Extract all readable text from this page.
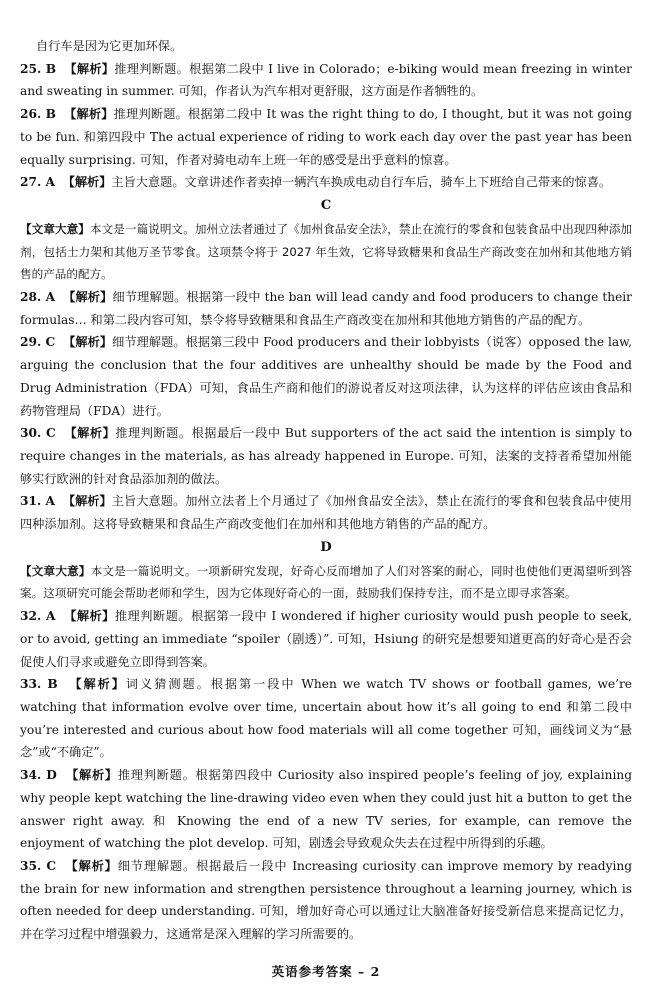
自行车是因为它更加环保。

25. B 【解析】推理判断题。根据第二段中 I live in Colorado；e-biking would mean freezing in winter and sweating in summer. 可知，作者认为汽车相对更舒服，这方面是作者牺牲的。

26. B 【解析】推理判断题。根据第二段中 It was the right thing to do, I thought, but it was not going to be fun. 和第四段中 The actual experience of riding to work each day over the past year has been equally surprising. 可知，作者对骑电动车上班一年的感受是出乎意料的惊喜。

27. A 【解析】主旨大意题。文章讲述作者卖掉一辆汽车换成电动自行车后，骑车上下班给自己带来的惊喜。

C

【文章大意】本文是一篇说明文。加州立法者通过了《加州食品安全法》，禁止在流行的零食和包装食品中出现四种添加剂，包括士力架和其他万圣节零食。这项禁令将于 2027 年生效，它将导致糖果和食品生产商改变在加州和其他地方销售的产品的配方。

28. A 【解析】细节理解题。根据第一段中 the ban will lead candy and food producers to change their formulas… 和第二段内容可知，禁令将导致糖果和食品生产商改变在加州和其他地方销售的产品的配方。

29. C 【解析】细节理解题。根据第三段中 Food producers and their lobbyists（说客）opposed the law, arguing the conclusion that the four additives are unhealthy should be made by the Food and Drug Administration（FDA）可知，食品生产商和他们的游说者反对这项法律，认为这样的评估应该由食品和药物管理局（FDA）进行。

30. C 【解析】推理判断题。根据最后一段中 But supporters of the act said the intention is simply to require changes in the materials, as has already happened in Europe. 可知，法案的支持者希望加州能够实行欧洲的针对食品添加剂的做法。

31. A 【解析】主旨大意题。加州立法者上个月通过了《加州食品安全法》，禁止在流行的零食和包装食品中使用四种添加剂。这将导致糖果和食品生产商改变他们在加州和其他地方销售的产品的配方。

D

【文章大意】本文是一篇说明文。一项新研究发现，好奇心反而增加了人们对答案的耐心，同时也使他们更渴望听到答案。这项研究可能会帮助老师和学生，因为它体现好奇心的一面，鼓励我们保持专注，而不是立即寻求答案。

32. A 【解析】推理判断题。根据第一段中 I wondered if higher curiosity would push people to seek, or to avoid, getting an immediate “spoiler（剧透）”. 可知，Hsiung 的研究是想要知道更高的好奇心是否会促使人们寻求或避免立即得到答案。

33. B 【解析】词义猜测题。根据第一段中 When we watch TV shows or football games, we’re watching that information evolve over time, uncertain about how it’s all going to end 和第二段中 you’re interested and curious about how food materials will all come together 可知，画线词义为“悬念”或“不确定”。

34. D 【解析】推理判断题。根据第四段中 Curiosity also inspired people’s feeling of joy, explaining why people kept watching the line-drawing video even when they could just hit a button to get the answer right away. 和 Knowing the end of a new TV series, for example, can remove the enjoyment of watching the plot develop. 可知，剧透会导致观众失去在过程中所得到的乐趣。

35. C 【解析】细节理解题。根据最后一段中 Increasing curiosity can improve memory by readying the brain for new information and strengthen persistence throughout a learning journey, which is often needed for deep understanding. 可知，增加好奇心可以通过让大脑准备好接受新信息来提高记忆力，并在学习过程中增强毅力，这通常是深入理解的学习所需要的。

英语参考答案 – 2
